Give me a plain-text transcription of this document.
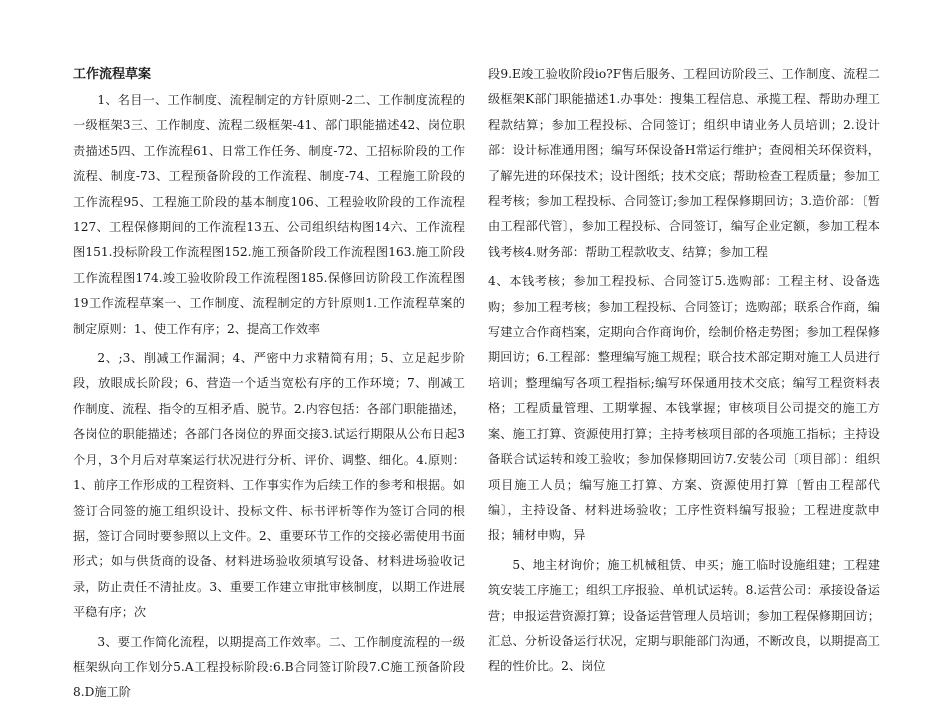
工作流程草案

1、名目一、工作制度、流程制定的方针原则-2二、工作制度流程的一级框架3三、工作制度、流程二级框架-41、部门职能描述42、岗位职责描述5四、工作流程61、日常工作任务、制度-72、工招标阶段的工作流程、制度-73、工程预备阶段的工作流程、制度-74、工程施工阶段的工作流程95、工程施工阶段的基本制度106、工程验收阶段的工作流程127、工程保修期间的工作流程13五、公司组织结构图14六、工作流程图151.投标阶段工作流程图152.施工预备阶段工作流程图163.施工阶段工作流程图174.竣工验收阶段工作流程图185.保修回访阶段工作流程图19工作流程草案一、工作制度、流程制定的方针原则1.工作流程草案的制定原则：1、使工作有序；2、提高工作效率

2、;3、削减工作漏洞；4、严密中力求精简有用；5、立足起步阶段，放眼成长阶段；6、营造一个适当宽松有序的工作环境；7、削减工作制度、流程、指令的互相矛盾、脱节。2.内容包括：各部门职能描述，各岗位的职能描述；各部门各岗位的界面交接3.试运行期限从公布日起3个月，3个月后对草案运行状况进行分析、评价、调整、细化。4.原则：1、前序工作形成的工程资料、工作事实作为后续工作的参考和根据。如签订合同签的施工组织设计、投标文件、标书评析等作为签订合同的根据，签订合同时要参照以上文件。2、重要环节工作的交接必需使用书面形式；如与供货商的设备、材料进场验收须填写设备、材料进场验收记录，防止责任不清扯皮。3、重要工作建立审批审核制度，以期工作进展平稳有序；次

3、要工作简化流程，以期提高工作效率。二、工作制度流程的一级框架纵向工作划分5.A工程投标阶段:6.B合同签订阶段7.C施工预备阶段8.D施工阶

段9.E竣工验收阶段io?F售后服务、工程回访阶段三、工作制度、流程二级框架K部门职能描述1.办事处：搜集工程信息、承揽工程、帮助办理工程款结算；参加工程投标、合同签订；组织申请业务人员培训；2.设计部：设计标准通用图；编写环保设备H常运行维护；查阅相关环保资料，了解先进的环保技术；设计图纸；技术交底；帮助检查工程质量；参加工程考核；参加工程投标、合同签订;参加工程保修期回访；3.造价部：〔暂由工程部代管〕，参加工程投标、合同签订，编写企业定额，参加工程本钱考核4.财务部：帮助工程款收支、结算；参加工程

4、本钱考核；参加工程投标、合同签订5.选购部：工程主材、设备选购；参加工程考核；参加工程投标、合同签订；选购部；联系合作商，编写建立合作商档案，定期向合作商询价，绘制价格走势图；参加工程保修期回访；6.工程部：整理编写施工规程；联合技术部定期对施工人员进行培训；整理编写各项工程指标;编写环保通用技术交底；编写工程资料表格；工程质量管理、工期掌握、本钱掌握；审核项目公司提交的施工方案、施工打算、资源使用打算；主持考核项目部的各项施工指标；主持设备联合试运转和竣工验收；参加保修期回访7.安装公司〔项目部〕：组织项目施工人员；编写施工打算、方案、资源使用打算〔暂由工程部代编〕，主持设备、材料进场验收；工序性资料编写报验；工程进度款申报；辅材申购，异

5、地主材询价；施工机械租赁、申买；施工临时设施组建；工程建筑安装工序施工；组织工序报验、单机试运转。8.运营公司：承接设备运营；申报运营资源打算；设备运营管理人员培训；参加工程保修期回访；汇总、分析设备运行状况，定期与职能部门沟通，不断改良，以期提高工程的性价比。2、岗位
